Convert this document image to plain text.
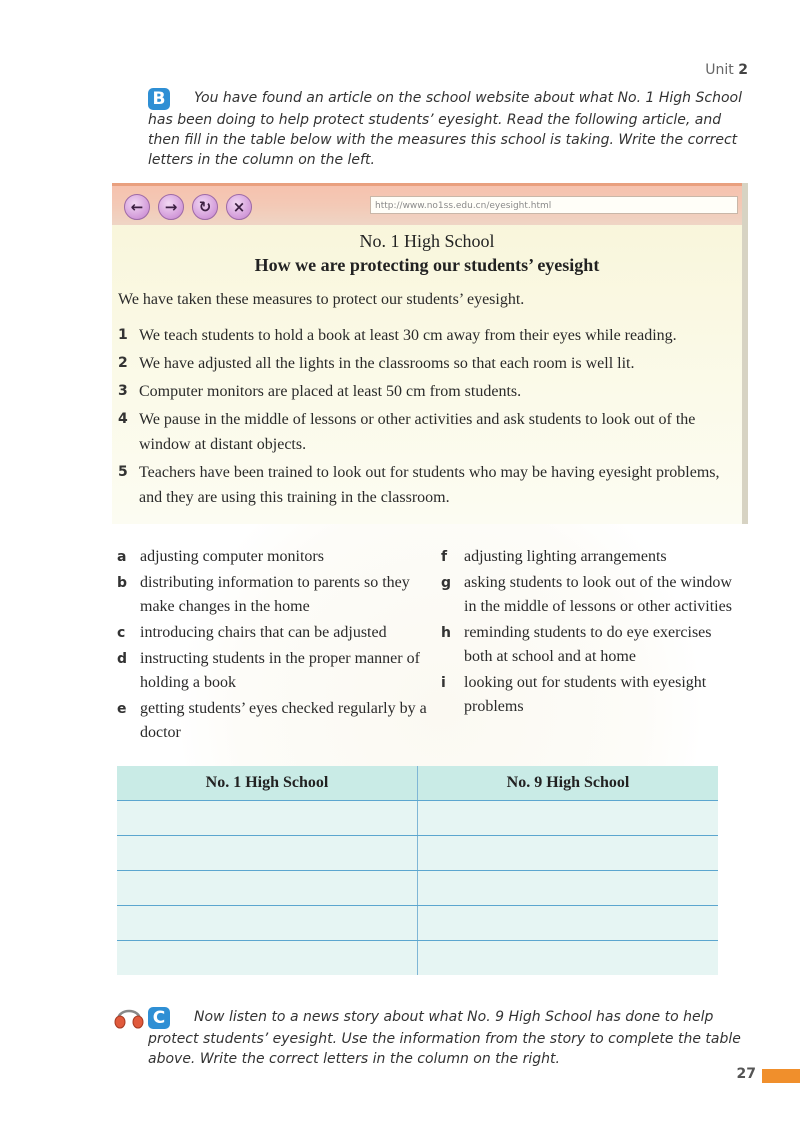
Unit 2
B You have found an article on the school website about what No. 1 High School has been doing to help protect students’ eyesight. Read the following article, and then fill in the table below with the measures this school is taking. Write the correct letters in the column on the left.
←	→	↻	×	http://www.no1ss.edu.cn/eyesight.html
No. 1 High School
How we are protecting our students’ eyesight
We have taken these measures to protect our students’ eyesight.
1 We teach students to hold a book at least 30 cm away from their eyes while reading.
2 We have adjusted all the lights in the classrooms so that each room is well lit.
3 Computer monitors are placed at least 50 cm from students.
4 We pause in the middle of lessons or other activities and ask students to look out of the window at distant objects.
5 Teachers have been trained to look out for students who may be having eyesight problems, and they are using this training in the classroom.
a adjusting computer monitors
b distributing information to parents so they make changes in the home
c introducing chairs that can be adjusted
d instructing students in the proper manner of holding a book
e getting students’ eyes checked regularly by a doctor
f adjusting lighting arrangements
g asking students to look out of the window in the middle of lessons or other activities
h reminding students to do eye exercises both at school and at home
i looking out for students with eyesight problems
No. 1 High School	No. 9 High School

C Now listen to a news story about what No. 9 High School has done to help protect students’ eyesight. Use the information from the story to complete the table above. Write the correct letters in the column on the right.
27
